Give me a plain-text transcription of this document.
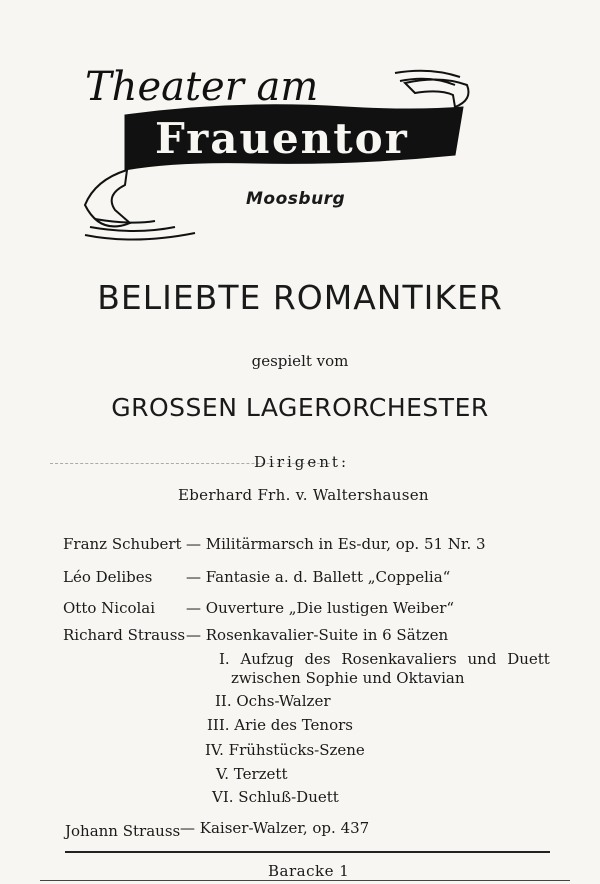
Theater am
Frauentor
Moosburg
BELIEBTE ROMANTIKER
gespielt vom
GROSSEN LAGERORCHESTER
Dirigent:
Eberhard Frh. v. Waltershausen
Franz Schubert — Militärmarsch in Es-dur, op. 51 Nr. 3
Léo Delibes — Fantasie a. d. Ballett „Coppelia“
Otto Nicolai — Ouverture „Die lustigen Weiber“
Richard Strauss — Rosenkavalier-Suite in 6 Sätzen
I. Aufzug des Rosenkavaliers und Duett
zwischen Sophie und Oktavian
II. Ochs-Walzer
III. Arie des Tenors
IV. Frühstücks-Szene
V. Terzett
VI. Schluß-Duett
Johann Strauss — Kaiser-Walzer, op. 437
Baracke 1
